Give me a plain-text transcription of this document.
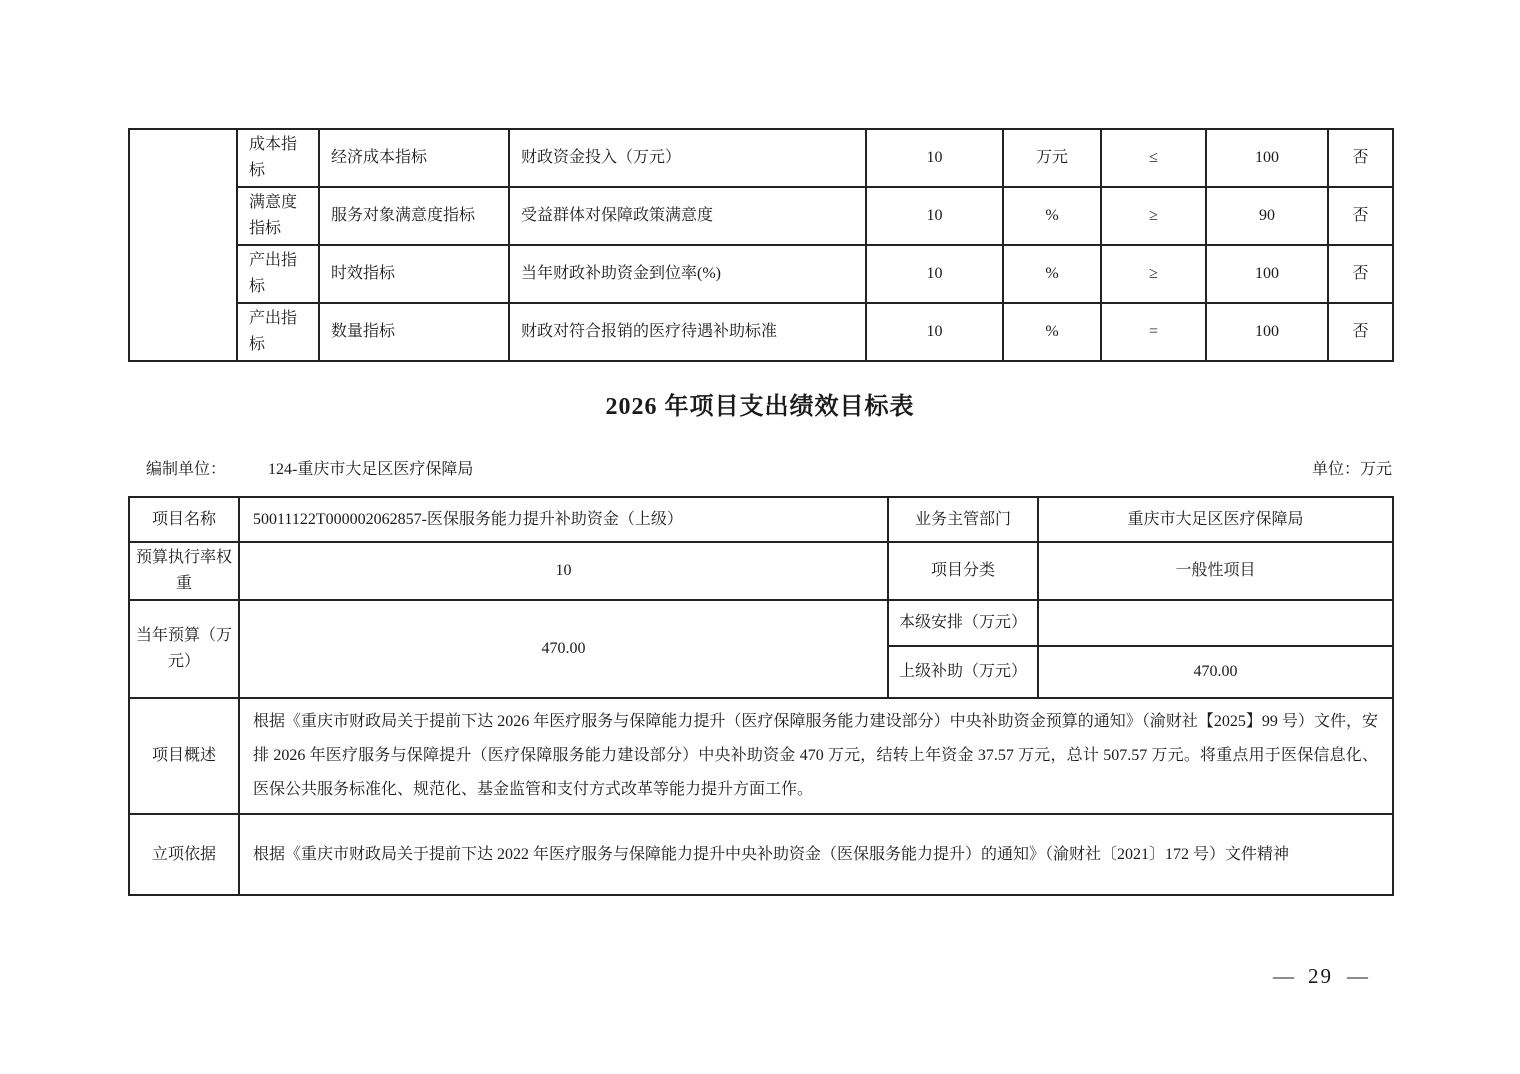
	成本指标	经济成本指标	财政资金投入（万元）	10	万元	≤	100	否
	满意度指标	服务对象满意度指标	受益群体对保障政策满意度	10	%	≥	90	否
	产出指标	时效指标	当年财政补助资金到位率(%)	10	%	≥	100	否
	产出指标	数量指标	财政对符合报销的医疗待遇补助标准	10	%	=	100	否
2026 年项目支出绩效目标表
编制单位：	124-重庆市大足区医疗保障局	单位：万元
项目名称	50011122T000002062857-医保服务能力提升补助资金（上级）	业务主管部门	重庆市大足区医疗保障局
预算执行率权重	10	项目分类	一般性项目
当年预算（万元）	470.00	本级安排（万元）	
		上级补助（万元）	470.00
项目概述	根据《重庆市财政局关于提前下达 2026 年医疗服务与保障能力提升（医疗保障服务能力建设部分）中央补助资金预算的通知》（渝财社【2025】99 号）文件，安排 2026 年医疗服务与保障提升（医疗保障服务能力建设部分）中央补助资金 470 万元，结转上年资金 37.57 万元，总计 507.57 万元。将重点用于医保信息化、医保公共服务标准化、规范化、基金监管和支付方式改革等能力提升方面工作。		
立项依据	根据《重庆市财政局关于提前下达 2022 年医疗服务与保障能力提升中央补助资金（医保服务能力提升）的通知》（渝财社〔2021〕172 号）文件精神		
— 29 —
